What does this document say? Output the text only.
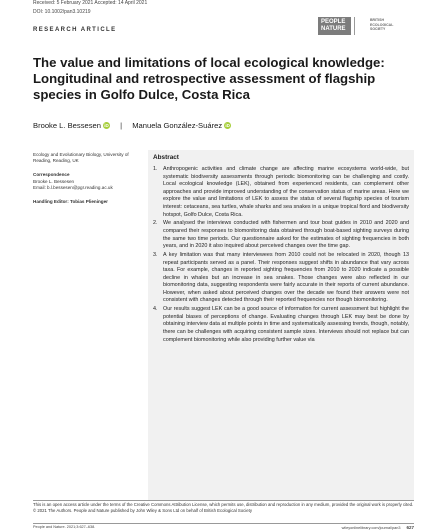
Received: 5 February 2021 Accepted: 14 April 2021
DOI: 10.1002/pan3.10219
RESEARCH ARTICLE
PEOPLE
NATURE
BRITISH
ECOLOGICAL
SOCIETY
The value and limitations of local ecological knowledge: Longitudinal and retrospective assessment of flagship species in Golfo Dulce, Costa Rica
Brooke L. Bessesen iD | Manuela González-Suárez iD
Ecology and Evolutionary Biology, University of Reading, Reading, UK
Correspondence
Brooke L. Bessesen
Email: b.l.bessesen@pgr.reading.ac.uk
Handling Editor: Tobias Plieninger
Abstract
1. Anthropogenic activities and climate change are affecting marine ecosystems world-wide, but systematic biodiversity assessments through periodic biomonitoring can be challenging and costly. Local ecological knowledge (LEK), obtained from experienced residents, can complement other approaches and provide improved understanding of the conservation status of marine areas. Here we explore the value and limitations of LEK to assess the status of several flagship species of tourism interest: cetaceans, sea turtles, whale sharks and sea snakes in a unique tropical fiord and biodiversity hotspot, Golfo Dulce, Costa Rica.
2. We analysed the interviews conducted with fishermen and tour boat guides in 2010 and 2020 and compared their responses to biomonitoring data obtained through boat-based sighting surveys during the same two time periods. Our questionnaire asked for the estimates of sighting frequencies in both years, and in 2020 it also inquired about perceived changes over the time gap.
3. A key limitation was that many interviewees from 2010 could not be relocated in 2020, though 13 repeat participants served as a panel. Their responses suggest shifts in abundance that vary across taxa. For example, changes in reported sighting frequencies from 2010 to 2020 indicate a possible decline in whales but an increase in sea snakes. Those changes were also reflected in our biomonitoring data, suggesting respondents were fairly accurate in their reports of current abundance. However, when asked about perceived changes over the decade we found their answers were not consistent with changes detected through their reported frequencies nor though biomonitoring.
4. Our results suggest LEK can be a good source of information for current assessment but highlight the potential biases of perceptions of change. Evaluating changes through LEK may best be done by obtaining interview data at multiple points in time and systematically assessing trends, though, notably, there can be challenges with acquiring consistent sample sizes. Interviews should not replace but can complement biomonitoring while also providing further value via
This is an open access article under the terms of the Creative Commons Attribution License, which permits use, distribution and reproduction in any medium, provided the original work is properly cited.
© 2021 The Authors. People and Nature published by John Wiley & Sons Ltd on behalf of British Ecological Society
People and Nature. 2021;3:627–638.	wileyonlinelibrary.com/journal/pan3 627
